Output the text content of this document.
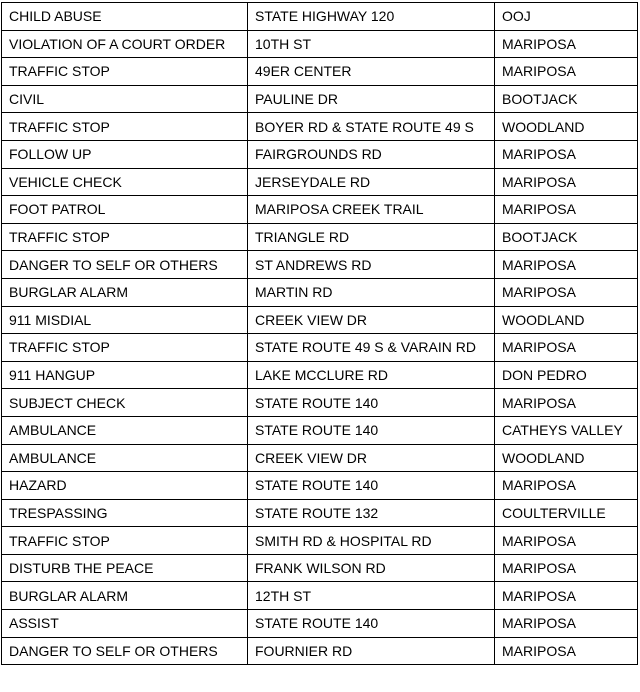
CHILD ABUSE	STATE HIGHWAY 120	OOJ
VIOLATION OF A COURT ORDER	10TH ST	MARIPOSA
TRAFFIC STOP	49ER CENTER	MARIPOSA
CIVIL	PAULINE DR	BOOTJACK
TRAFFIC STOP	BOYER RD & STATE ROUTE 49 S	WOODLAND
FOLLOW UP	FAIRGROUNDS RD	MARIPOSA
VEHICLE CHECK	JERSEYDALE RD	MARIPOSA
FOOT PATROL	MARIPOSA CREEK TRAIL	MARIPOSA
TRAFFIC STOP	TRIANGLE RD	BOOTJACK
DANGER TO SELF OR OTHERS	ST ANDREWS RD	MARIPOSA
BURGLAR ALARM	MARTIN RD	MARIPOSA
911 MISDIAL	CREEK VIEW DR	WOODLAND
TRAFFIC STOP	STATE ROUTE 49 S & VARAIN RD	MARIPOSA
911 HANGUP	LAKE MCCLURE RD	DON PEDRO
SUBJECT CHECK	STATE ROUTE 140	MARIPOSA
AMBULANCE	STATE ROUTE 140	CATHEYS VALLEY
AMBULANCE	CREEK VIEW DR	WOODLAND
HAZARD	STATE ROUTE 140	MARIPOSA
TRESPASSING	STATE ROUTE 132	COULTERVILLE
TRAFFIC STOP	SMITH RD & HOSPITAL RD	MARIPOSA
DISTURB THE PEACE	FRANK WILSON RD	MARIPOSA
BURGLAR ALARM	12TH ST	MARIPOSA
ASSIST	STATE ROUTE 140	MARIPOSA
DANGER TO SELF OR OTHERS	FOURNIER RD	MARIPOSA
